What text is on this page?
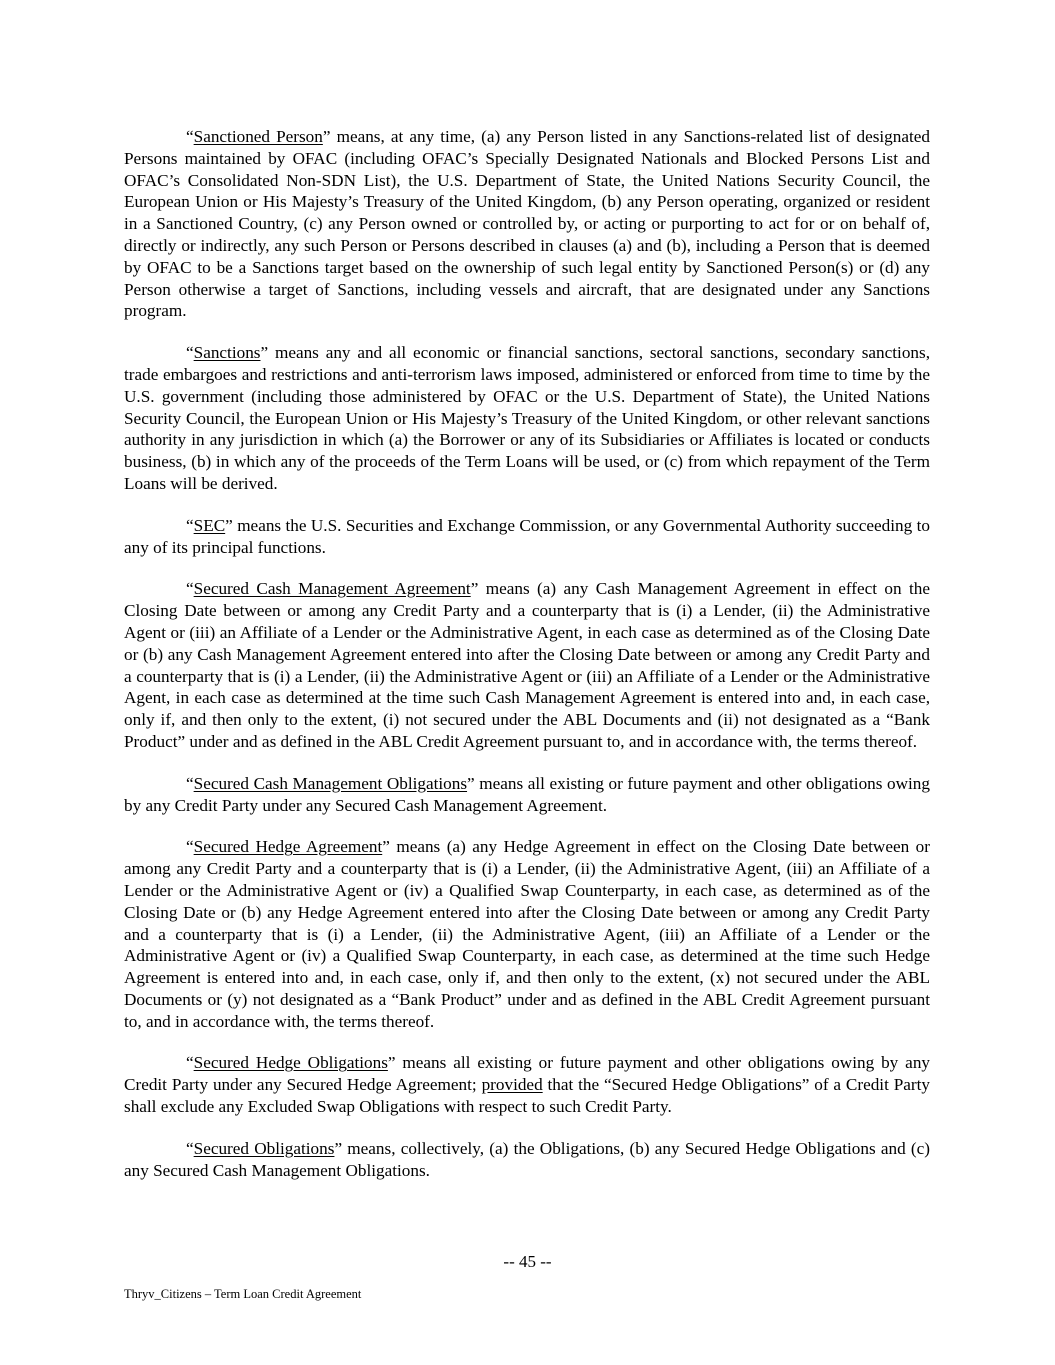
“Sanctioned Person” means, at any time, (a) any Person listed in any Sanctions-related list of designated Persons maintained by OFAC (including OFAC’s Specially Designated Nationals and Blocked Persons List and OFAC’s Consolidated Non-SDN List), the U.S. Department of State, the United Nations Security Council, the European Union or His Majesty’s Treasury of the United Kingdom, (b) any Person operating, organized or resident in a Sanctioned Country, (c) any Person owned or controlled by, or acting or purporting to act for or on behalf of, directly or indirectly, any such Person or Persons described in clauses (a) and (b), including a Person that is deemed by OFAC to be a Sanctions target based on the ownership of such legal entity by Sanctioned Person(s) or (d) any Person otherwise a target of Sanctions, including vessels and aircraft, that are designated under any Sanctions program.

“Sanctions” means any and all economic or financial sanctions, sectoral sanctions, secondary sanctions, trade embargoes and restrictions and anti-terrorism laws imposed, administered or enforced from time to time by the U.S. government (including those administered by OFAC or the U.S. Department of State), the United Nations Security Council, the European Union or His Majesty’s Treasury of the United Kingdom, or other relevant sanctions authority in any jurisdiction in which (a) the Borrower or any of its Subsidiaries or Affiliates is located or conducts business, (b) in which any of the proceeds of the Term Loans will be used, or (c) from which repayment of the Term Loans will be derived.

“SEC” means the U.S. Securities and Exchange Commission, or any Governmental Authority succeeding to any of its principal functions.

“Secured Cash Management Agreement” means (a) any Cash Management Agreement in effect on the Closing Date between or among any Credit Party and a counterparty that is (i) a Lender, (ii) the Administrative Agent or (iii) an Affiliate of a Lender or the Administrative Agent, in each case as determined as of the Closing Date or (b) any Cash Management Agreement entered into after the Closing Date between or among any Credit Party and a counterparty that is (i) a Lender, (ii) the Administrative Agent or (iii) an Affiliate of a Lender or the Administrative Agent, in each case as determined at the time such Cash Management Agreement is entered into and, in each case, only if, and then only to the extent, (i) not secured under the ABL Documents and (ii) not designated as a “Bank Product” under and as defined in the ABL Credit Agreement pursuant to, and in accordance with, the terms thereof.

“Secured Cash Management Obligations” means all existing or future payment and other obligations owing by any Credit Party under any Secured Cash Management Agreement.

“Secured Hedge Agreement” means (a) any Hedge Agreement in effect on the Closing Date between or among any Credit Party and a counterparty that is (i) a Lender, (ii) the Administrative Agent, (iii) an Affiliate of a Lender or the Administrative Agent or (iv) a Qualified Swap Counterparty, in each case, as determined as of the Closing Date or (b) any Hedge Agreement entered into after the Closing Date between or among any Credit Party and a counterparty that is (i) a Lender, (ii) the Administrative Agent, (iii) an Affiliate of a Lender or the Administrative Agent or (iv) a Qualified Swap Counterparty, in each case, as determined at the time such Hedge Agreement is entered into and, in each case, only if, and then only to the extent, (x) not secured under the ABL Documents or (y) not designated as a “Bank Product” under and as defined in the ABL Credit Agreement pursuant to, and in accordance with, the terms thereof.

“Secured Hedge Obligations” means all existing or future payment and other obligations owing by any Credit Party under any Secured Hedge Agreement; provided that the “Secured Hedge Obligations” of a Credit Party shall exclude any Excluded Swap Obligations with respect to such Credit Party.

“Secured Obligations” means, collectively, (a) the Obligations, (b) any Secured Hedge Obligations and (c) any Secured Cash Management Obligations.

-- 45 --
Thryv_Citizens – Term Loan Credit Agreement
